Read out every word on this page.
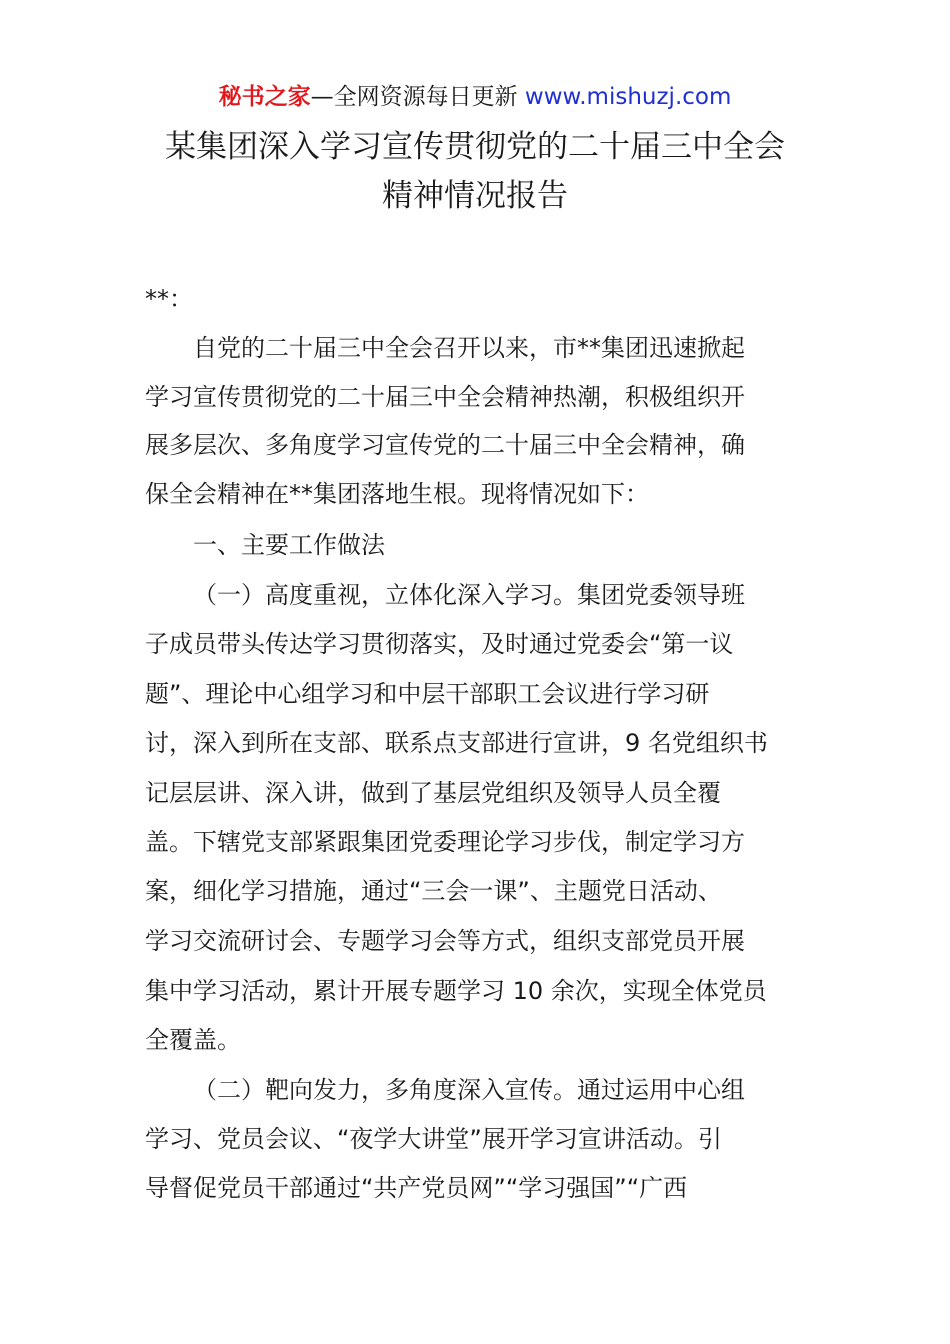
秘书之家—全网资源每日更新 www.mishuzj.com
某集团深入学习宣传贯彻党的二十届三中全会
精神情况报告
**：
自党的二十届三中全会召开以来，市**集团迅速掀起
学习宣传贯彻党的二十届三中全会精神热潮，积极组织开
展多层次、多角度学习宣传党的二十届三中全会精神，确
保全会精神在**集团落地生根。现将情况如下：
一、主要工作做法
（一）高度重视，立体化深入学习。集团党委领导班
子成员带头传达学习贯彻落实，及时通过党委会“第一议
题”、理论中心组学习和中层干部职工会议进行学习研
讨，深入到所在支部、联系点支部进行宣讲，9 名党组织书
记层层讲、深入讲，做到了基层党组织及领导人员全覆
盖。下辖党支部紧跟集团党委理论学习步伐，制定学习方
案，细化学习措施，通过“三会一课”、主题党日活动、
学习交流研讨会、专题学习会等方式，组织支部党员开展
集中学习活动，累计开展专题学习 10 余次，实现全体党员
全覆盖。
（二）靶向发力，多角度深入宣传。通过运用中心组
学习、党员会议、“夜学大讲堂”展开学习宣讲活动。引
导督促党员干部通过“共产党员网”“学习强国”“广西
